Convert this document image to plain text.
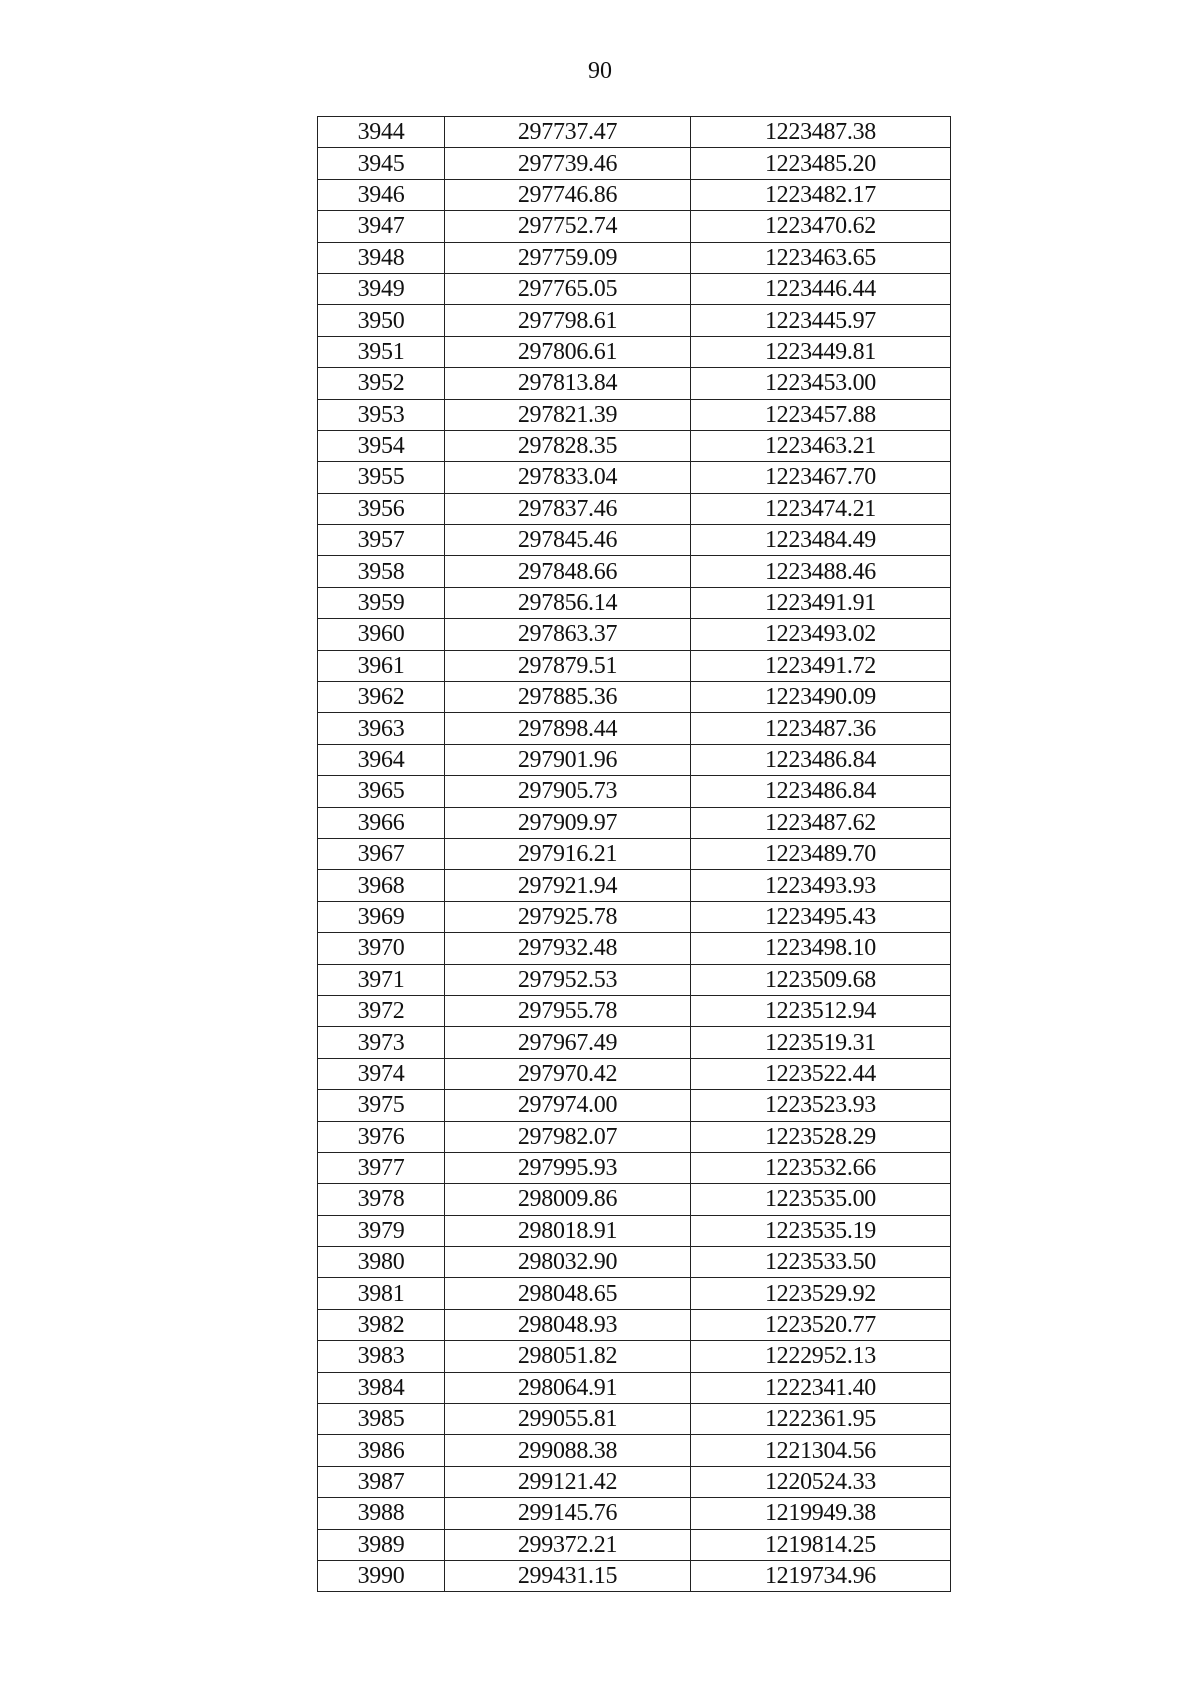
90
3944	297737.47	1223487.38
3945	297739.46	1223485.20
3946	297746.86	1223482.17
3947	297752.74	1223470.62
3948	297759.09	1223463.65
3949	297765.05	1223446.44
3950	297798.61	1223445.97
3951	297806.61	1223449.81
3952	297813.84	1223453.00
3953	297821.39	1223457.88
3954	297828.35	1223463.21
3955	297833.04	1223467.70
3956	297837.46	1223474.21
3957	297845.46	1223484.49
3958	297848.66	1223488.46
3959	297856.14	1223491.91
3960	297863.37	1223493.02
3961	297879.51	1223491.72
3962	297885.36	1223490.09
3963	297898.44	1223487.36
3964	297901.96	1223486.84
3965	297905.73	1223486.84
3966	297909.97	1223487.62
3967	297916.21	1223489.70
3968	297921.94	1223493.93
3969	297925.78	1223495.43
3970	297932.48	1223498.10
3971	297952.53	1223509.68
3972	297955.78	1223512.94
3973	297967.49	1223519.31
3974	297970.42	1223522.44
3975	297974.00	1223523.93
3976	297982.07	1223528.29
3977	297995.93	1223532.66
3978	298009.86	1223535.00
3979	298018.91	1223535.19
3980	298032.90	1223533.50
3981	298048.65	1223529.92
3982	298048.93	1223520.77
3983	298051.82	1222952.13
3984	298064.91	1222341.40
3985	299055.81	1222361.95
3986	299088.38	1221304.56
3987	299121.42	1220524.33
3988	299145.76	1219949.38
3989	299372.21	1219814.25
3990	299431.15	1219734.96
